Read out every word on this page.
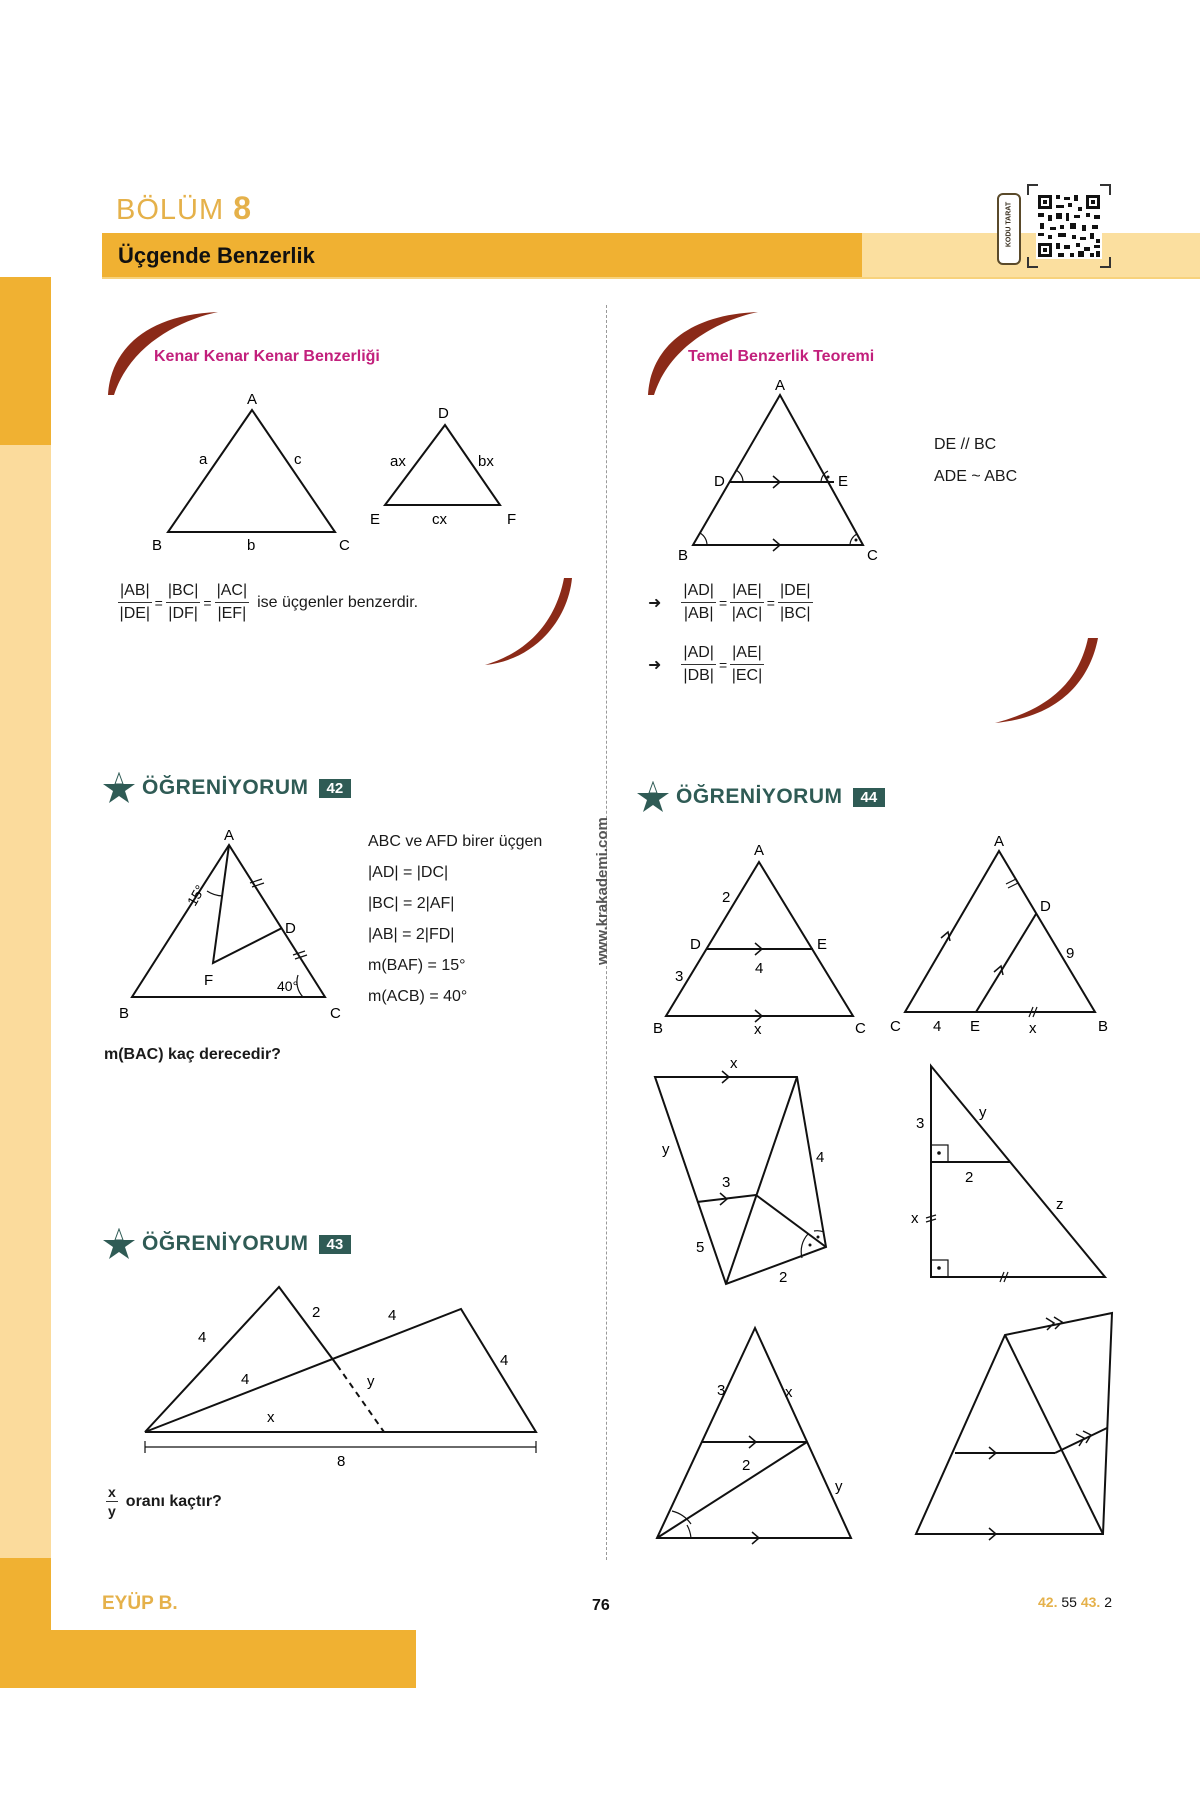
BÖLÜM 8
Üçgende Benzerlik
KODU TARAT
www.krakademi.com
Kenar Kenar Kenar Benzerliği
A
B	C
a	c
b
D
E	F
ax	bx
cx
$\frac{|AB|}{|DE|} = \frac{|BC|}{|DF|} = \frac{|AC|}{|EF|}$ ise üçgenler benzerdir.
Temel Benzerlik Teoremi
A
D	E
B	C
DE // BC
ADE ~ ABC
➜ $\frac{|AD|}{|AB|} = \frac{|AE|}{|AC|} = \frac{|DE|}{|BC|}$
➜ $\frac{|AD|}{|DB|} = \frac{|AE|}{|EC|}$
ÖĞRENİYORUM	42
A
B	C
D
F
15°
40°
ABC ve AFD birer üçgen
|AD| = |DC|
|BC| = 2|AF|
|AB| = 2|FD|
m(BAF) = 15°
m(ACB) = 40°
m(BAC) kaç derecedir?
ÖĞRENİYORUM	43
4
2	4
4
4	y
x
8
$\frac{x}{y}$ oranı kaçtır?
ÖĞRENİYORUM	44
A
D	E
B	C
2
3	4
x
A
D
E
C	B
4
9
x
x
y
3
4
5
2
3
y
2
z
x
3	x
2
y
EYÜP B.	76	42. 55 43. 2
